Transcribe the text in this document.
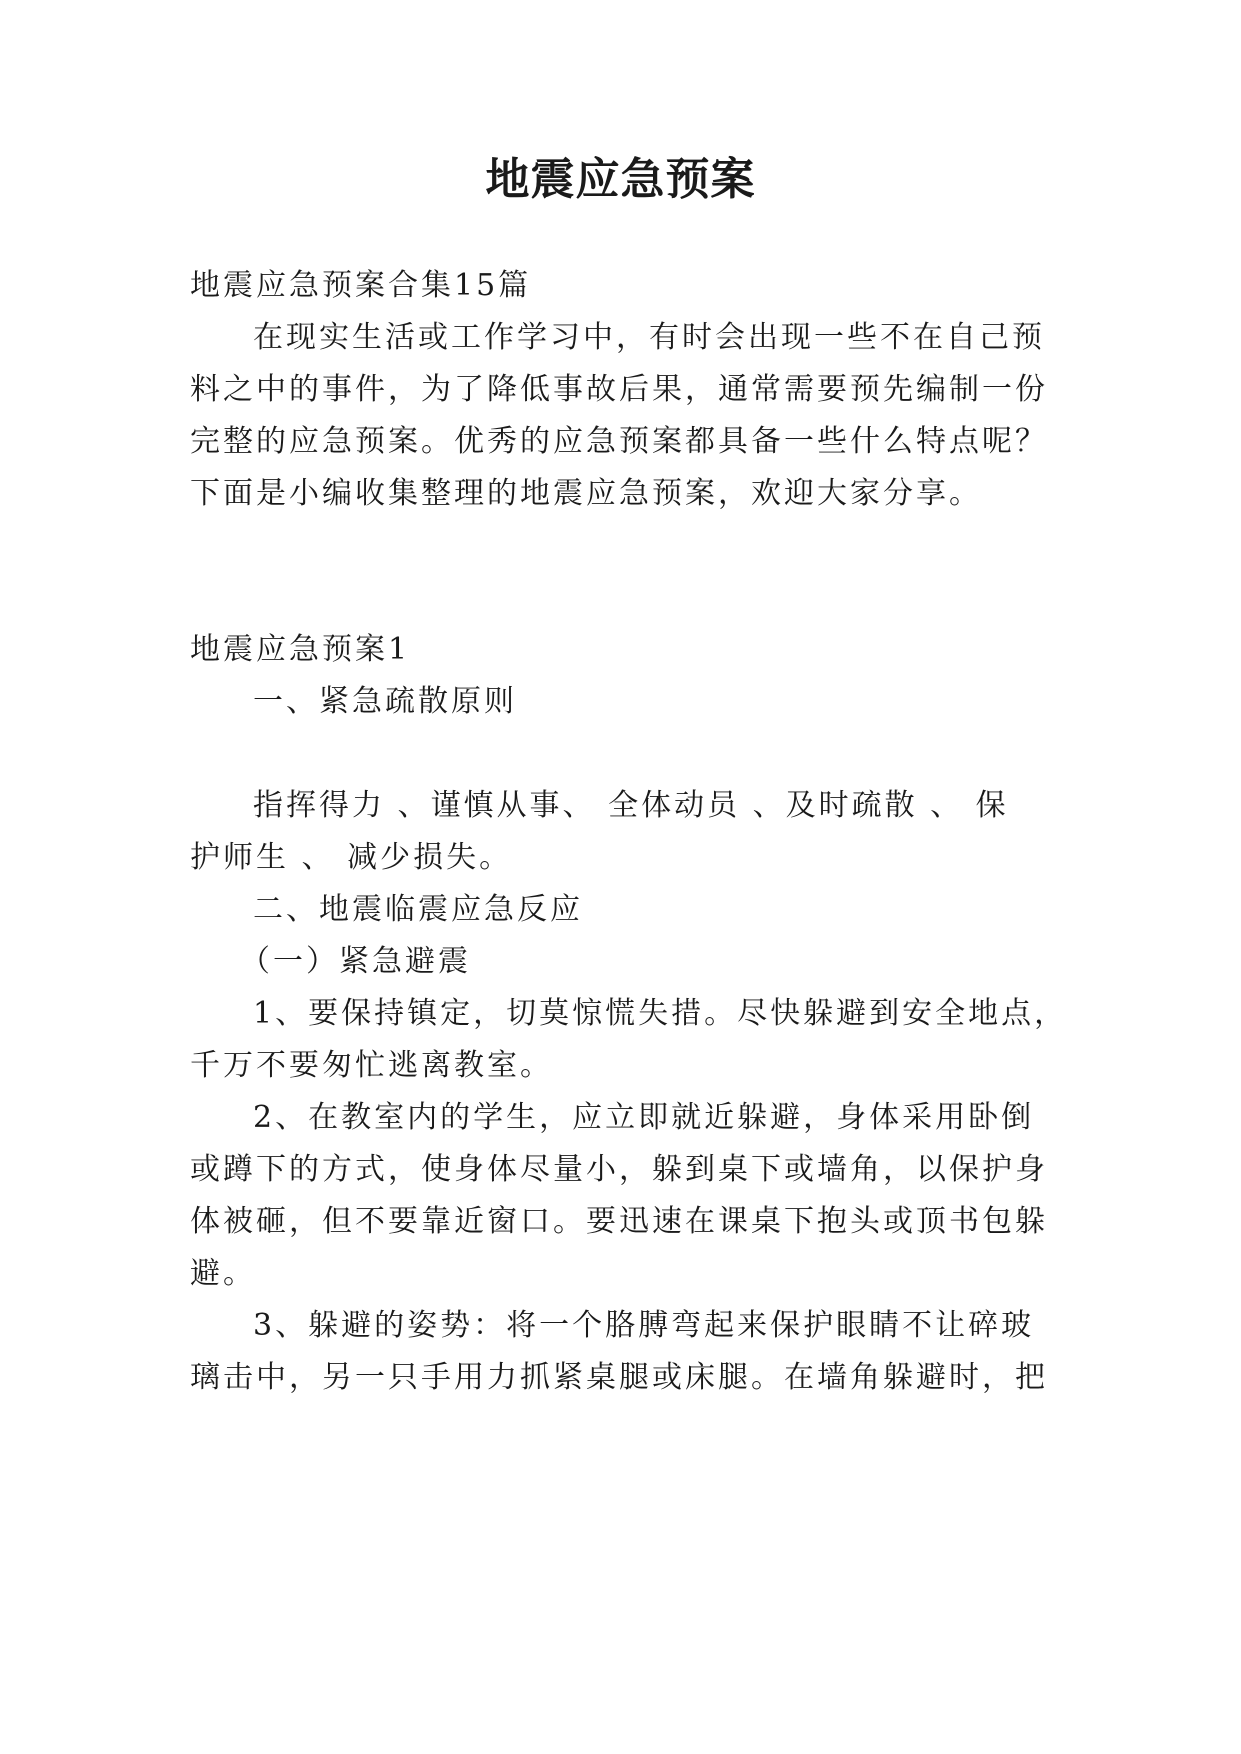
地震应急预案
地震应急预案合集15篇
在现实生活或工作学习中，有时会出现一些不在自己预
料之中的事件，为了降低事故后果，通常需要预先编制一份
完整的应急预案。优秀的应急预案都具备一些什么特点呢？
下面是小编收集整理的地震应急预案，欢迎大家分享。
地震应急预案1
一、紧急疏散原则
指挥得力 、谨慎从事、 全体动员 、及时疏散 、 保
护师生 、 减少损失。
二、地震临震应急反应
（一）紧急避震
1、要保持镇定，切莫惊慌失措。尽快躲避到安全地点，
千万不要匆忙逃离教室。
2、在教室内的学生，应立即就近躲避，身体采用卧倒
或蹲下的方式，使身体尽量小，躲到桌下或墙角，以保护身
体被砸，但不要靠近窗口。要迅速在课桌下抱头或顶书包躲
避。
3、躲避的姿势：将一个胳膊弯起来保护眼睛不让碎玻
璃击中，另一只手用力抓紧桌腿或床腿。在墙角躲避时，把
